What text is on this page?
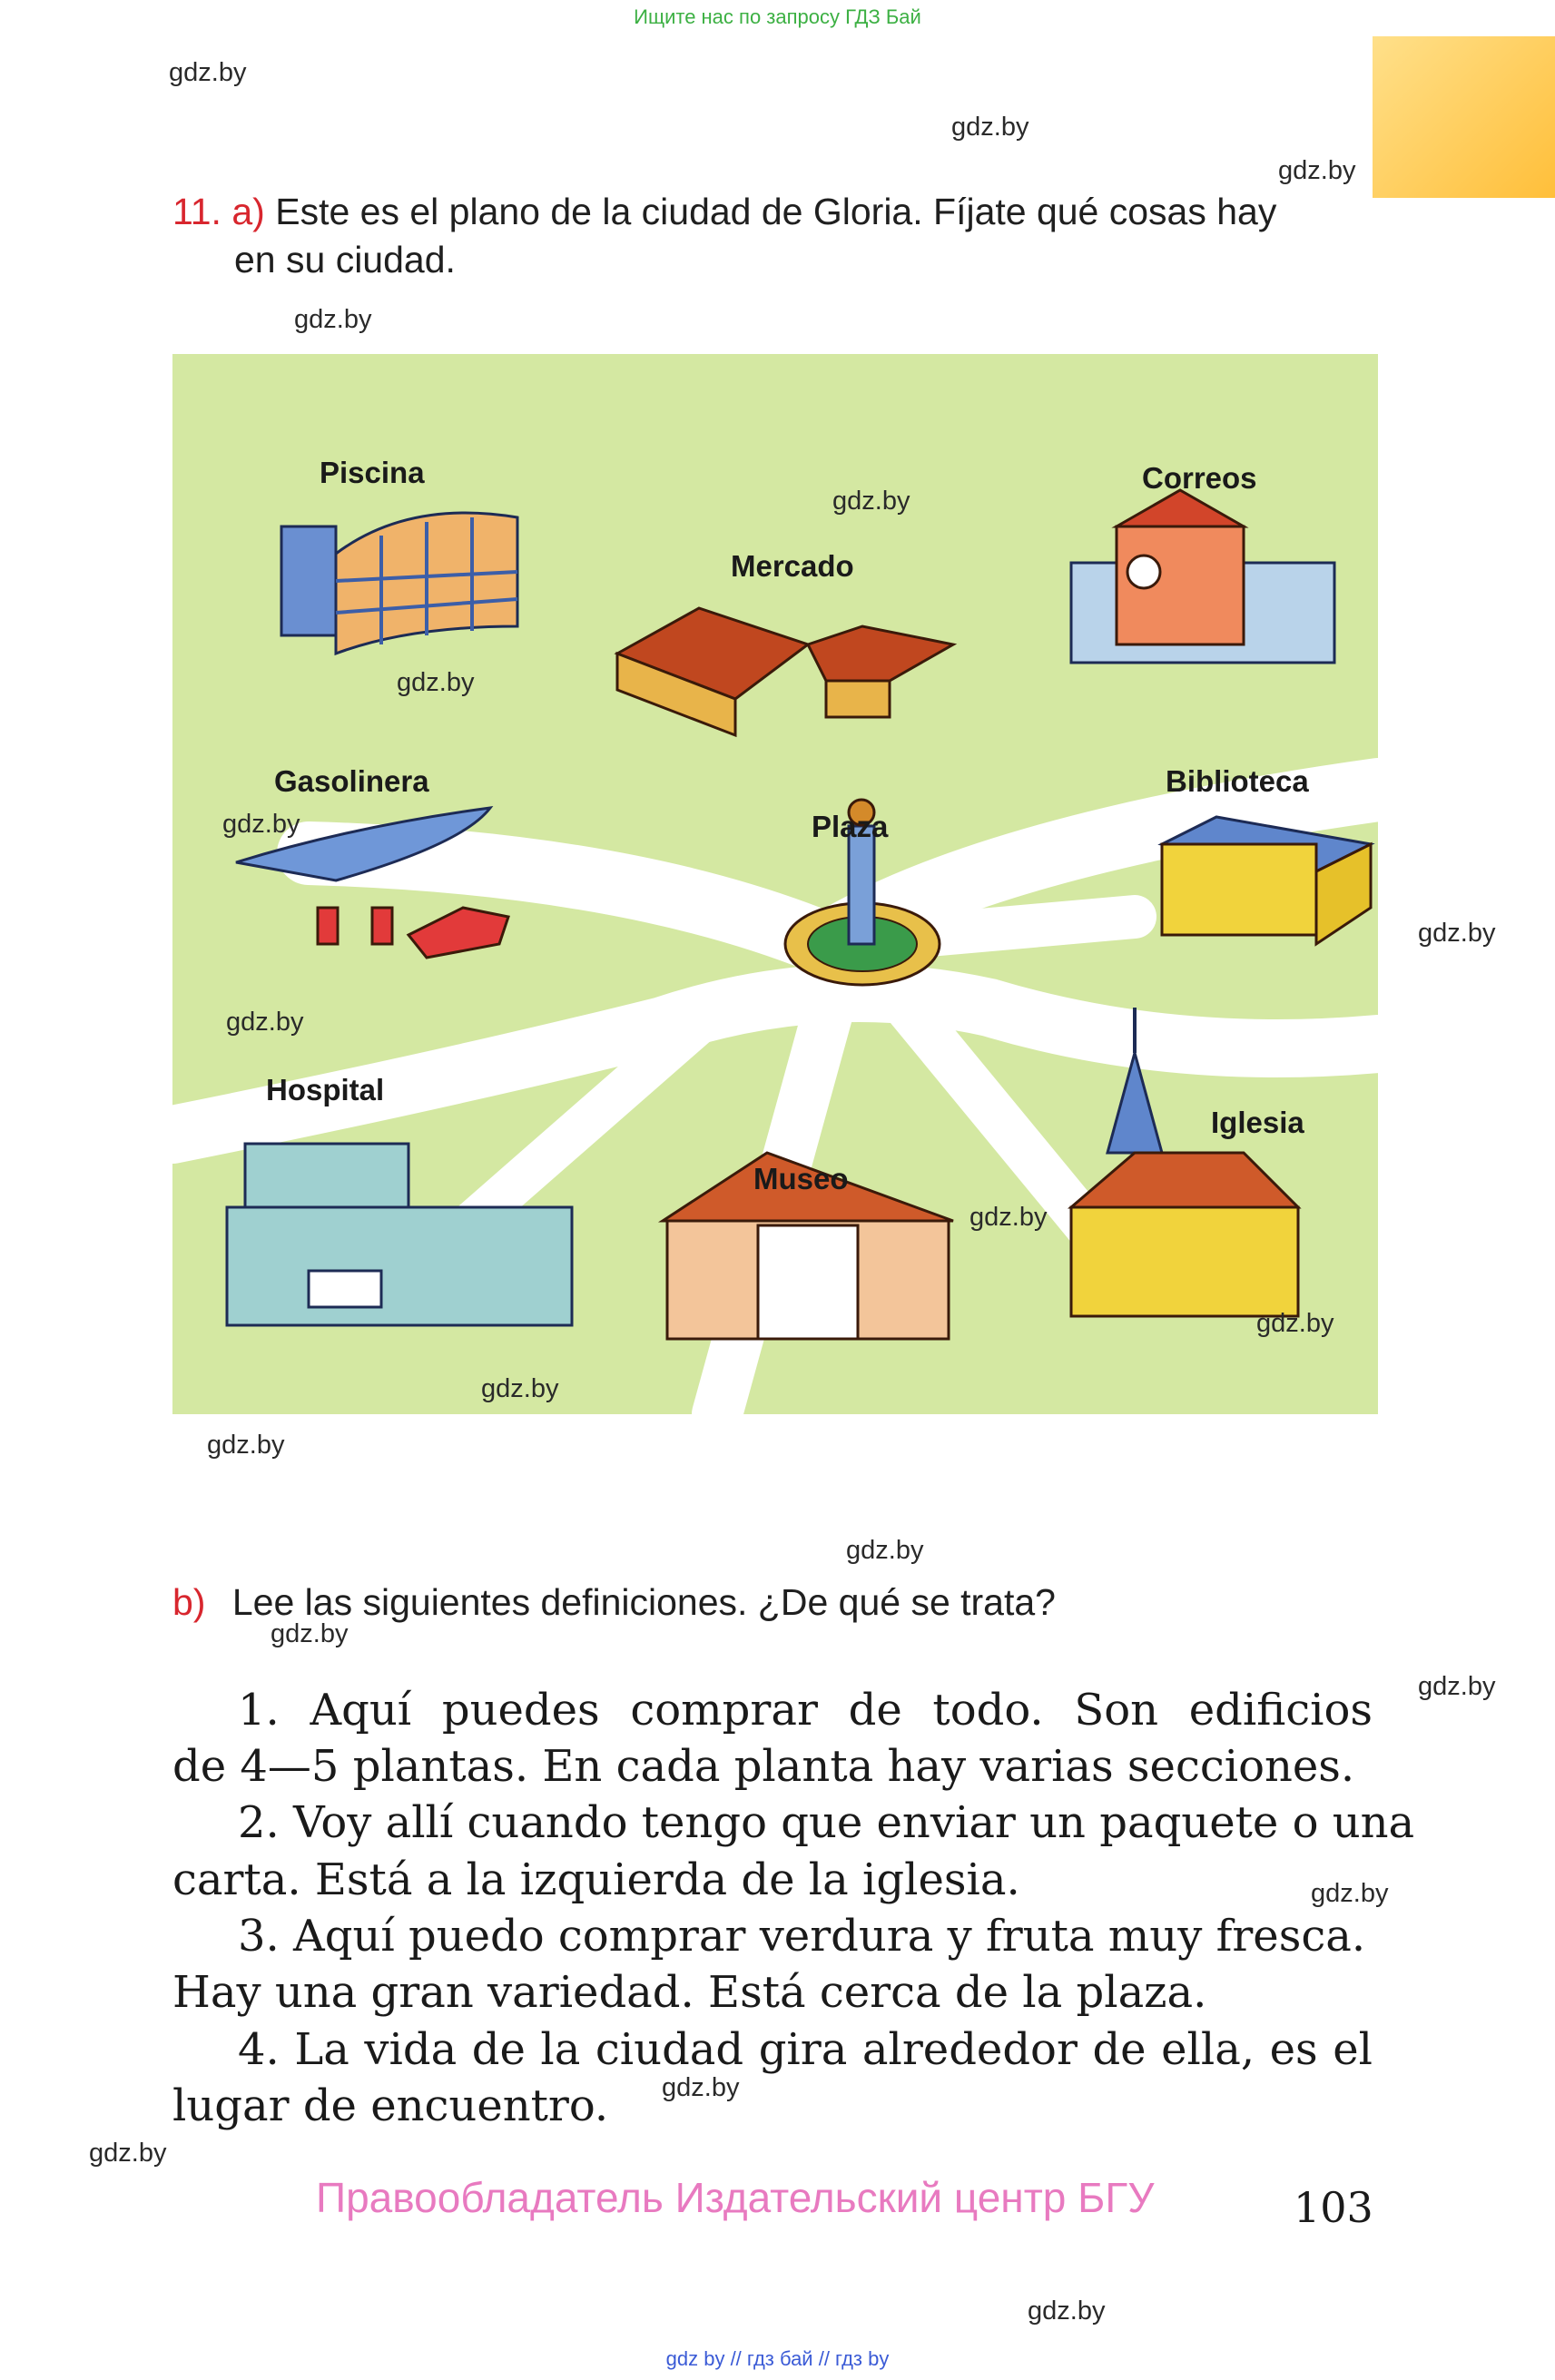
Ищите нас по запросу ГДЗ Бай
gdz.by
gdz.by
gdz.by
gdz.by
11. a) Este es el plano de la ciudad de Gloria. Fíjate qué cosas hay
en su ciudad.
Piscina
Mercado
Correos
Gasolinera
Plaza
Biblioteca
Hospital
Museo
Iglesia
gdz.by
gdz.by
gdz.by
gdz.by
gdz.by
gdz.by
gdz.by
gdz.by
gdz.by
gdz.by
b) Lee las siguientes definiciones. ¿De qué se trata?
gdz.by
gdz.by
1. Aquí puedes comprar de todo. Son edificios
de 4—5 plantas. En cada planta hay varias secciones.
2. Voy allí cuando tengo que enviar un paquete o una
carta. Está a la izquierda de la iglesia.
3. Aquí puedo comprar verdura y fruta muy fresca.
Hay una gran variedad. Está cerca de la plaza.
4. La vida de la ciudad gira alrededor de ella, es el
lugar de encuentro.
gdz.by
gdz.by
gdz.by
Правообладатель Издательский центр БГУ	103
gdz.by
gdz by // гдз бай // гдз by
